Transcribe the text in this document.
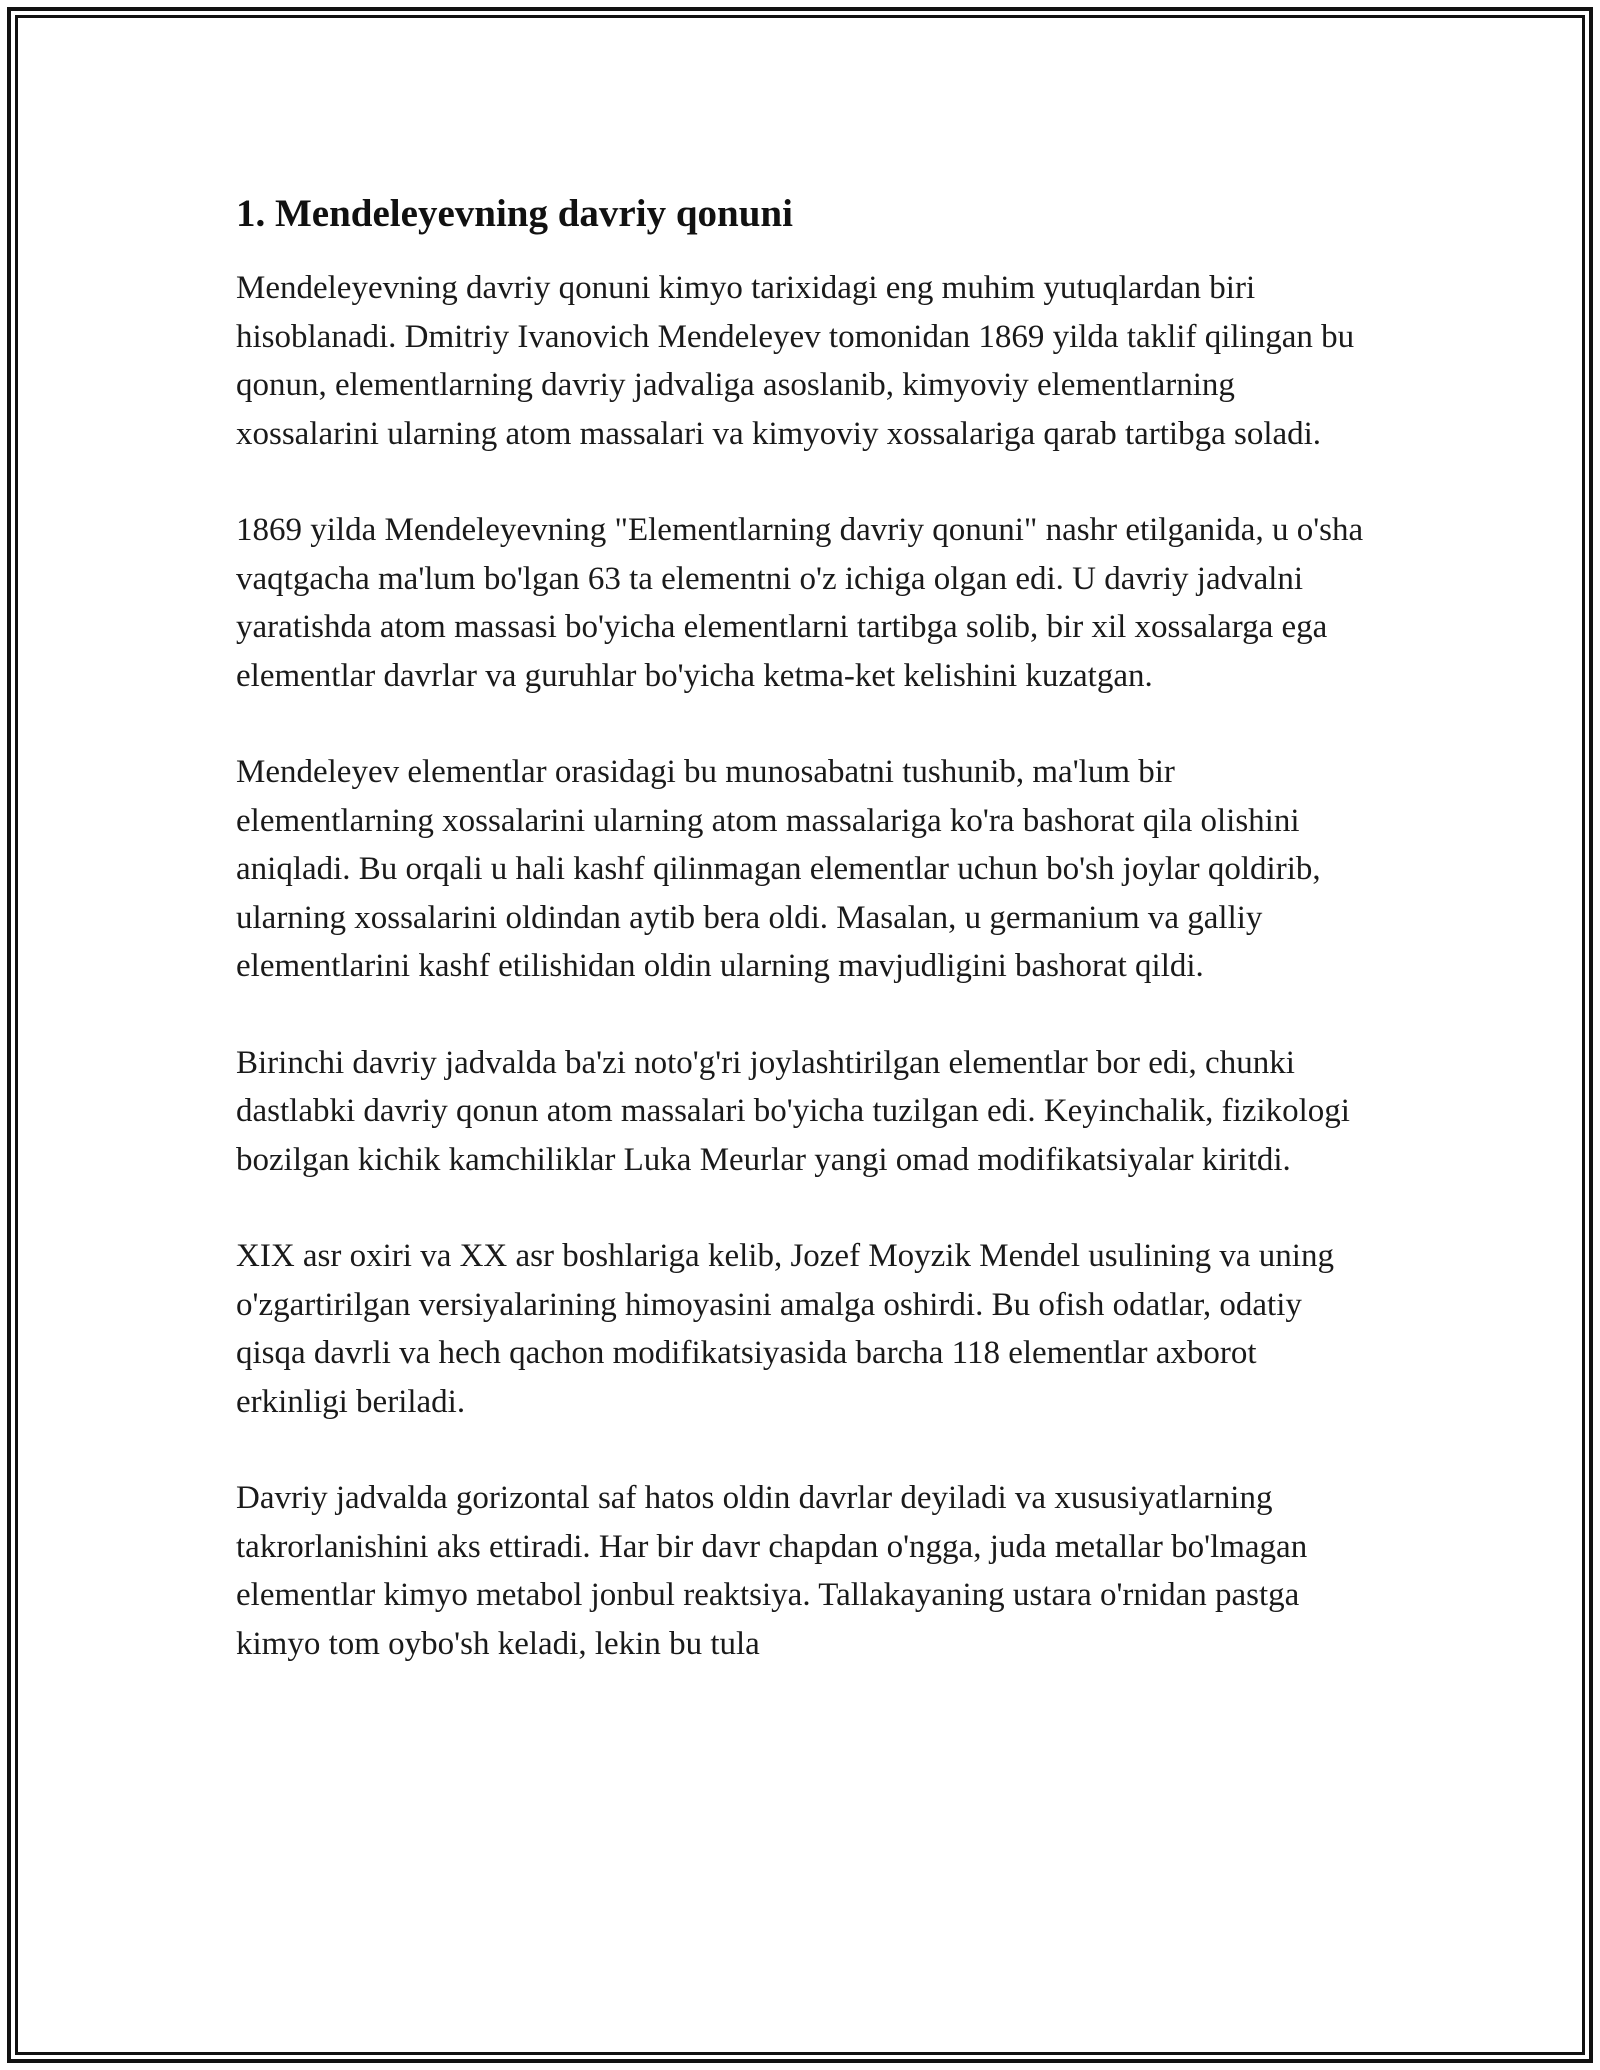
1. Mendeleyevning davriy qonuni

Mendeleyevning davriy qonuni kimyo tarixidagi eng muhim yutuqlardan biri hisoblanadi. Dmitriy Ivanovich Mendeleyev tomonidan 1869 yilda taklif qilingan bu qonun, elementlarning davriy jadvaliga asoslanib, kimyoviy elementlarning xossalarini ularning atom massalari va kimyoviy xossalariga qarab tartibga soladi.

1869 yilda Mendeleyevning "Elementlarning davriy qonuni" nashr etilganida, u o'sha vaqtgacha ma'lum bo'lgan 63 ta elementni o'z ichiga olgan edi. U davriy jadvalni yaratishda atom massasi bo'yicha elementlarni tartibga solib, bir xil xossalarga ega elementlar davrlar va guruhlar bo'yicha ketma-ket kelishini kuzatgan.

Mendeleyev elementlar orasidagi bu munosabatni tushunib, ma'lum bir elementlarning xossalarini ularning atom massalariga ko'ra bashorat qila olishini aniqladi. Bu orqali u hali kashf qilinmagan elementlar uchun bo'sh joylar qoldirib, ularning xossalarini oldindan aytib bera oldi. Masalan, u germanium va galliy elementlarini kashf etilishidan oldin ularning mavjudligini bashorat qildi.

Birinchi davriy jadvalda ba'zi noto'g'ri joylashtirilgan elementlar bor edi, chunki dastlabki davriy qonun atom massalari bo'yicha tuzilgan edi. Keyinchalik, fizikologi bozilgan kichik kamchiliklar Luka Meurlar yangi omad modifikatsiyalar kiritdi.

XIX asr oxiri va XX asr boshlariga kelib, Jozef Moyzik Mendel usulining va uning o'zgartirilgan versiyalarining himoyasini amalga oshirdi. Bu ofish odatlar, odatiy qisqa davrli va hech qachon modifikatsiyasida barcha 118 elementlar axborot erkinligi beriladi.

Davriy jadvalda gorizontal saf hatos oldin davrlar deyiladi va xususiyatlarning takrorlanishini aks ettiradi. Har bir davr chapdan o'ngga, juda metallar bo'lmagan elementlar kimyo metabol jonbul reaktsiya. Tallakayaning ustara o'rnidan pastga kimyo tom oybo'sh keladi, lekin bu tula
